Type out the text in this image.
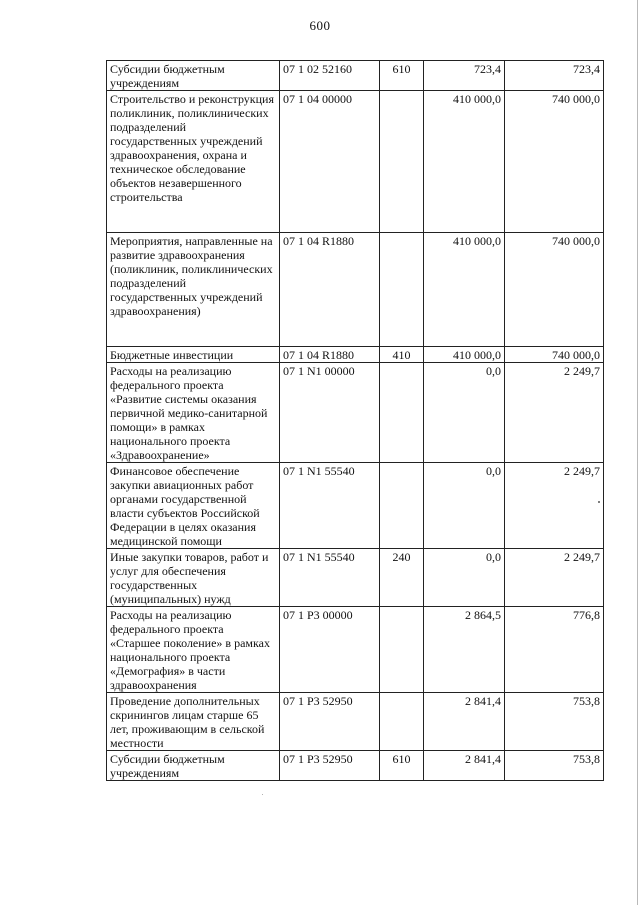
600
Субсидии бюджетным учреждениям	07 1 02 52160	610	723,4	723,4
Строительство и реконструкция поликлиник, поликлинических подразделений государственных учреждений здравоохранения, охрана и техническое обследование объектов незавершенного строительства	07 1 04 00000		410 000,0	740 000,0
Мероприятия, направленные на развитие здравоохранения (поликлиник, поликлинических подразделений государственных учреждений здравоохранения)	07 1 04 R1880		410 000,0	740 000,0
Бюджетные инвестиции	07 1 04 R1880	410	410 000,0	740 000,0
Расходы на реализацию федерального проекта «Развитие системы оказания первичной медико-санитарной помощи» в рамках национального проекта «Здравоохранение»	07 1 N1 00000		0,0	2 249,7
Финансовое обеспечение закупки авиационных работ органами государственной власти субъектов Российской Федерации в целях оказания медицинской помощи	07 1 N1 55540		0,0	2 249,7
Иные закупки товаров, работ и услуг для обеспечения государственных (муниципальных) нужд	07 1 N1 55540	240	0,0	2 249,7
Расходы на реализацию федерального проекта «Старшее поколение» в рамках национального проекта «Демография» в части здравоохранения	07 1 P3 00000		2 864,5	776,8
Проведение дополнительных скринингов лицам старше 65 лет, проживающим в сельской местности	07 1 P3 52950		2 841,4	753,8
Субсидии бюджетным учреждениям	07 1 P3 52950	610	2 841,4	753,8
